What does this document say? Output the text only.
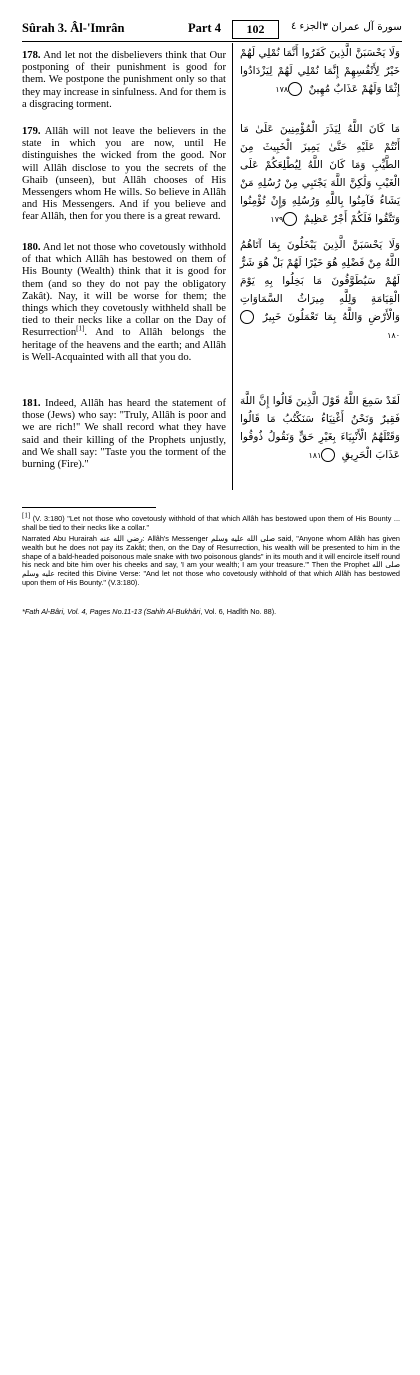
Sûrah 3. Âl-'Imrân	Part 4	102	الجزء ٤ سورة آل عمران ٣

178. And let not the disbelievers think that Our postponing of their punishment is good for them. We postpone the punishment only so that they may increase in sinfulness. And for them is a disgracing torment.

وَلَا يَحْسَبَنَّ الَّذِينَ كَفَرُوا أَنَّمَا نُمْلِي لَهُمْ خَيْرٌ لِأَنْفُسِهِمْ إِنَّمَا نُمْلِي لَهُمْ لِيَزْدَادُوا إِثْمًا وَلَهُمْ عَذَابٌ مُهِينٌ ١٧٨

179. Allâh will not leave the believers in the state in which you are now, until He distinguishes the wicked from the good. Nor will Allâh disclose to you the secrets of the Ghaib (unseen), but Allâh chooses of His Messengers whom He wills. So believe in Allâh and His Messengers. And if you believe and fear Allâh, then for you there is a great reward.

مَا كَانَ اللَّهُ لِيَذَرَ الْمُؤْمِنِينَ عَلَىٰ مَا أَنْتُمْ عَلَيْهِ حَتَّىٰ يَمِيزَ الْخَبِيثَ مِنَ الطَّيِّبِ وَمَا كَانَ اللَّهُ لِيُطْلِعَكُمْ عَلَى الْغَيْبِ وَلَٰكِنَّ اللَّهَ يَجْتَبِي مِنْ رُسُلِهِ مَنْ يَشَاءُ فَآمِنُوا بِاللَّهِ وَرُسُلِهِ وَإِنْ تُؤْمِنُوا وَتَتَّقُوا فَلَكُمْ أَجْرٌ عَظِيمٌ ١٧٩

180. And let not those who covetously withhold of that which Allâh has bestowed on them of His Bounty (Wealth) think that it is good for them (and so they do not pay the obligatory Zakât). Nay, it will be worse for them; the things which they covetously withheld shall be tied to their necks like a collar on the Day of Resurrection[1]. And to Allâh belongs the heritage of the heavens and the earth; and Allâh is Well-Acquainted with all that you do.

وَلَا يَحْسَبَنَّ الَّذِينَ يَبْخَلُونَ بِمَا آتَاهُمُ اللَّهُ مِنْ فَضْلِهِ هُوَ خَيْرًا لَهُمْ بَلْ هُوَ شَرٌّ لَهُمْ سَيُطَوَّقُونَ مَا بَخِلُوا بِهِ يَوْمَ الْقِيَامَةِ وَلِلَّهِ مِيرَاثُ السَّمَاوَاتِ وَالْأَرْضِ وَاللَّهُ بِمَا تَعْمَلُونَ خَبِيرٌ ١٨٠

181. Indeed, Allâh has heard the statement of those (Jews) who say: "Truly, Allâh is poor and we are rich!" We shall record what they have said and their killing of the Prophets unjustly, and We shall say: "Taste you the torment of the burning (Fire)."

لَقَدْ سَمِعَ اللَّهُ قَوْلَ الَّذِينَ قَالُوا إِنَّ اللَّهَ فَقِيرٌ وَنَحْنُ أَغْنِيَاءُ سَنَكْتُبُ مَا قَالُوا وَقَتْلَهُمُ الْأَنْبِيَاءَ بِغَيْرِ حَقٍّ وَنَقُولُ ذُوقُوا عَذَابَ الْحَرِيقِ ١٨١

[1] (V. 3:180) "Let not those who covetously withhold of that which Allâh has bestowed upon them of His Bounty ... shall be tied to their necks like a collar."

Narrated Abu Hurairah رضي الله عنه: Allâh's Messenger صلى الله عليه وسلم said, "Anyone whom Allâh has given wealth but he does not pay its Zakât; then, on the Day of Resurrection, his wealth will be presented to him in the shape of a bald-headed poisonous male snake with two poisonous glands" in its mouth and it will encircle itself round his neck and bite him over his cheeks and say, 'I am your wealth; I am your treasure.'" Then the Prophet صلى الله عليه وسلم recited this Divine Verse: "And let not those who covetously withhold of that which Allâh has bestowed upon them of His Bounty." (V.3:180).

*Fath Al-Bâri, Vol. 4, Pages No.11-13 (Sahih Al-Bukhâri, Vol. 6, Hadîth No. 88).
